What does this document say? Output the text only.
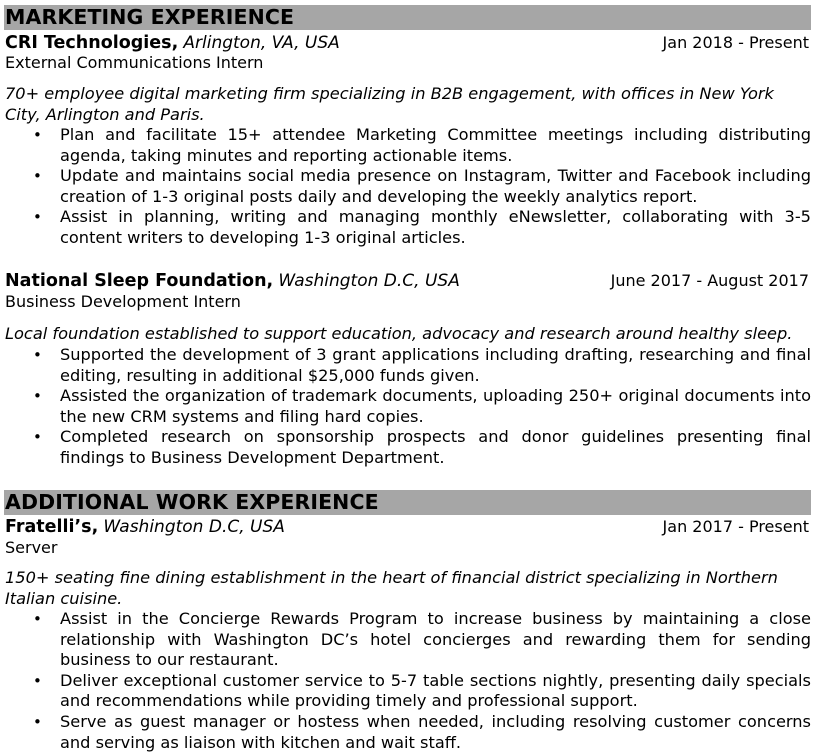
MARKETING EXPERIENCE
CRI Technologies, Arlington, VA, USA	Jan 2018 - Present
External Communications Intern
70+ employee digital marketing firm specializing in B2B engagement, with offices in New York City, Arlington and Paris.
• Plan and facilitate 15+ attendee Marketing Committee meetings including distributing agenda, taking minutes and reporting actionable items.
• Update and maintains social media presence on Instagram, Twitter and Facebook including creation of 1-3 original posts daily and developing the weekly analytics report.
• Assist in planning, writing and managing monthly eNewsletter, collaborating with 3-5 content writers to developing 1-3 original articles.
National Sleep Foundation, Washington D.C, USA	June 2017 - August 2017
Business Development Intern
Local foundation established to support education, advocacy and research around healthy sleep.
• Supported the development of 3 grant applications including drafting, researching and final editing, resulting in additional $25,000 funds given.
• Assisted the organization of trademark documents, uploading 250+ original documents into the new CRM systems and filing hard copies.
• Completed research on sponsorship prospects and donor guidelines presenting final findings to Business Development Department.
ADDITIONAL WORK EXPERIENCE
Fratelli’s, Washington D.C, USA	Jan 2017 - Present
Server
150+ seating fine dining establishment in the heart of financial district specializing in Northern Italian cuisine.
• Assist in the Concierge Rewards Program to increase business by maintaining a close relationship with Washington DC’s hotel concierges and rewarding them for sending business to our restaurant.
• Deliver exceptional customer service to 5-7 table sections nightly, presenting daily specials and recommendations while providing timely and professional support.
• Serve as guest manager or hostess when needed, including resolving customer concerns and serving as liaison with kitchen and wait staff.
